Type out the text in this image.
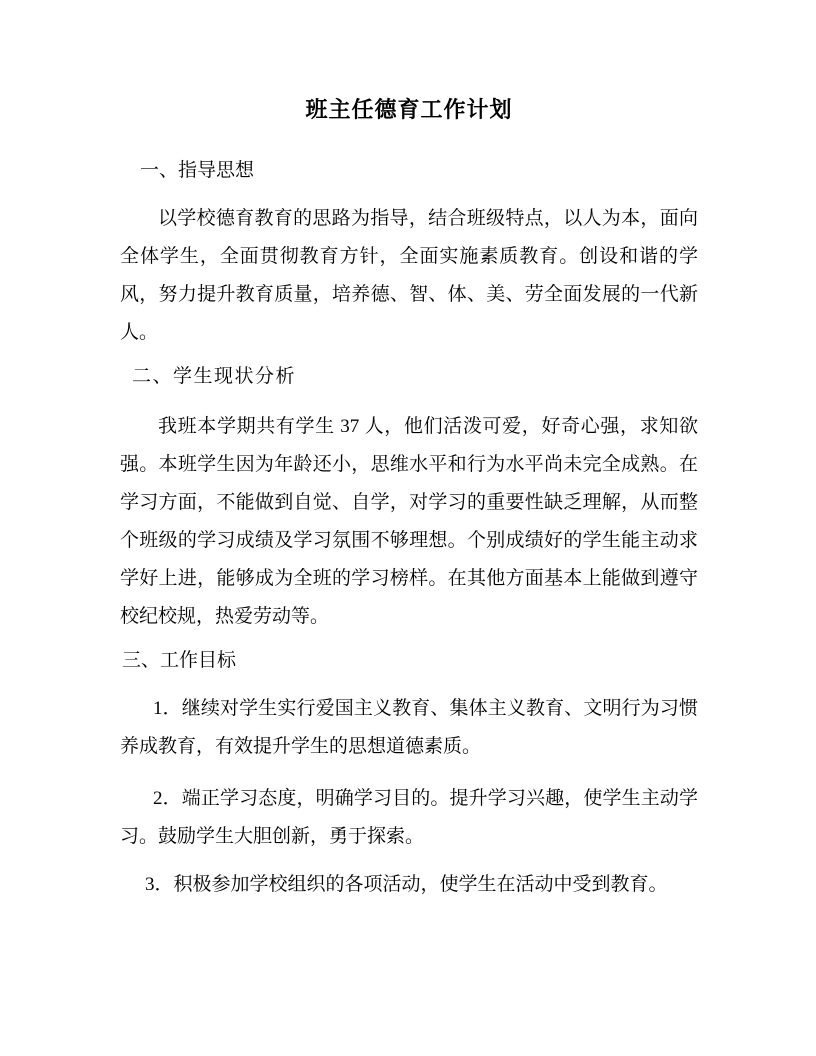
班主任德育工作计划
一、指导思想

以学校德育教育的思路为指导，结合班级特点，以人为本，面向全体学生，全面贯彻教育方针，全面实施素质教育。创设和谐的学风，努力提升教育质量，培养德、智、体、美、劳全面发展的一代新人。

二、学生现状分析

我班本学期共有学生 37 人，他们活泼可爱，好奇心强，求知欲强。本班学生因为年龄还小，思维水平和行为水平尚未完全成熟。在学习方面，不能做到自觉、自学，对学习的重要性缺乏理解，从而整个班级的学习成绩及学习氛围不够理想。个别成绩好的学生能主动求学好上进，能够成为全班的学习榜样。在其他方面基本上能做到遵守校纪校规，热爱劳动等。

三、工作目标

1．继续对学生实行爱国主义教育、集体主义教育、文明行为习惯养成教育，有效提升学生的思想道德素质。

2．端正学习态度，明确学习目的。提升学习兴趣，使学生主动学习。鼓励学生大胆创新，勇于探索。

3．积极参加学校组织的各项活动，使学生在活动中受到教育。
